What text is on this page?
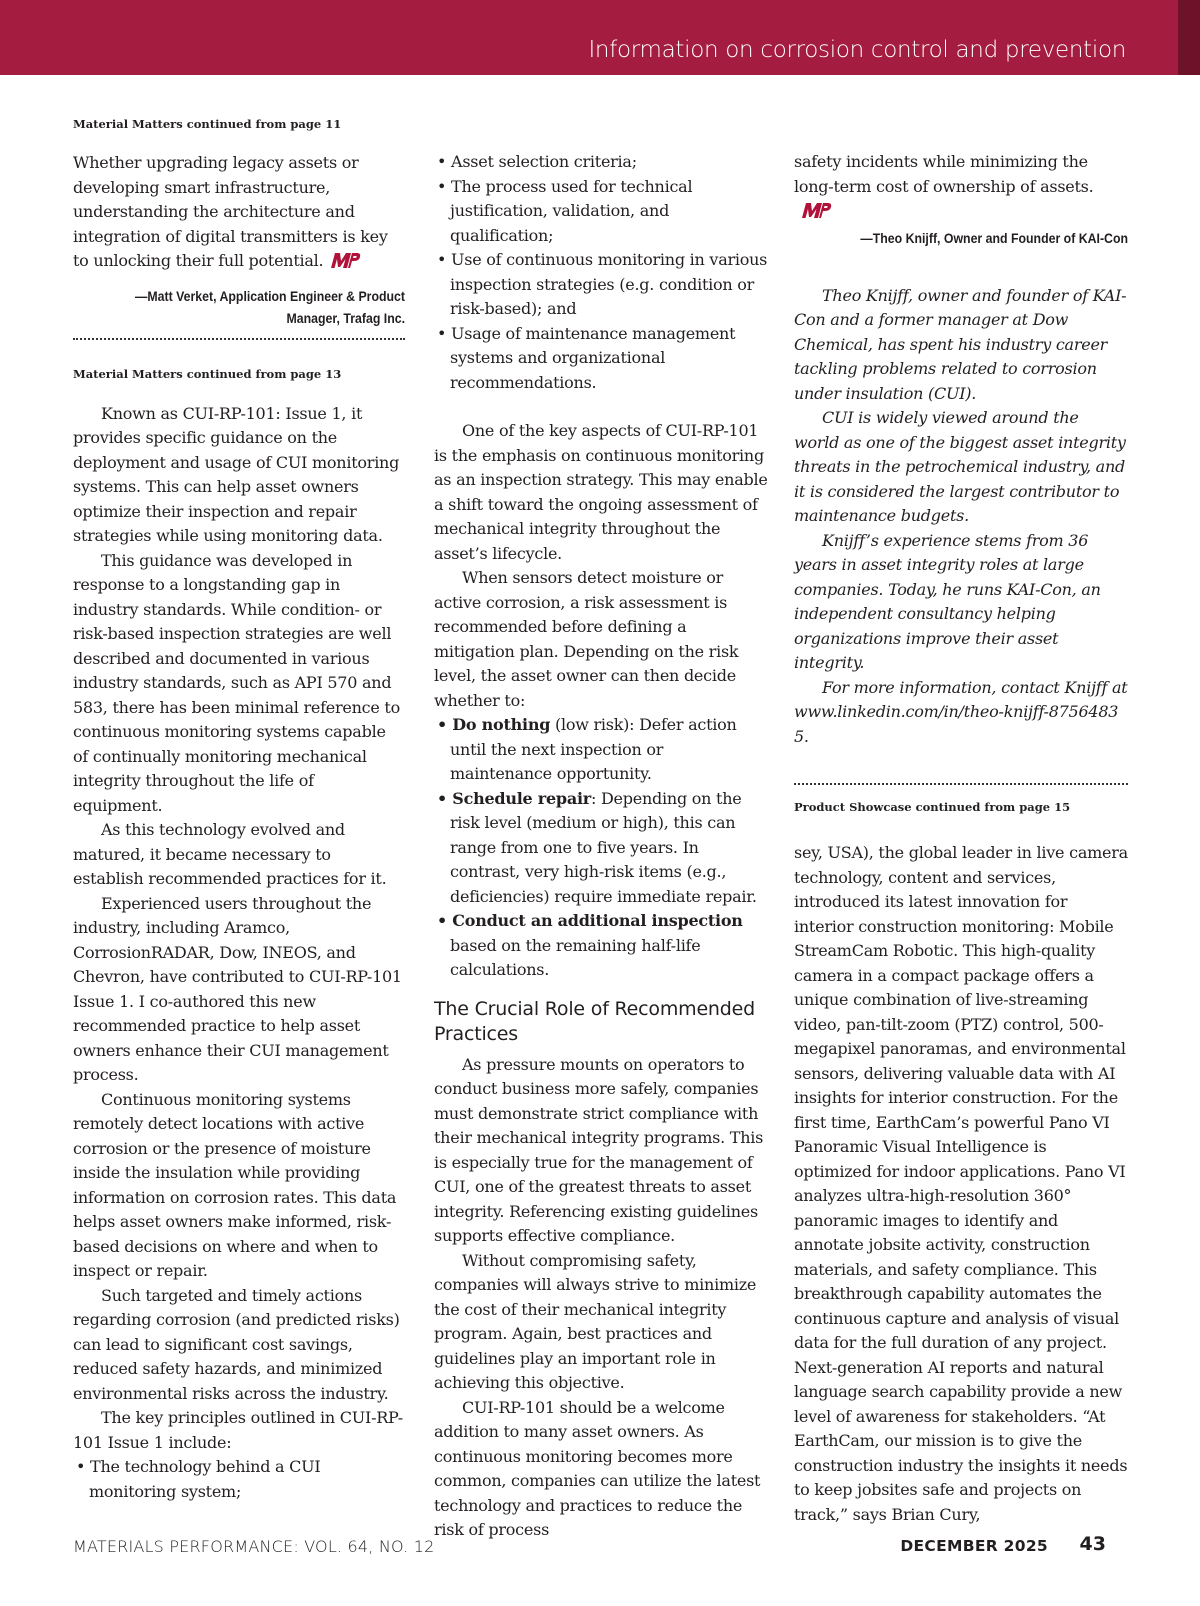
Information on corrosion control and prevention

Material Matters continued from page 11

Whether upgrading legacy assets or developing smart infrastructure, understanding the architecture and integration of digital transmitters is key to unlocking their full potential.

—Matt Verket, Application Engineer & Product Manager, Trafag Inc.

Material Matters continued from page 13

Known as CUI-RP-101: Issue 1, it provides specific guidance on the deployment and usage of CUI monitoring systems. This can help asset owners optimize their inspection and repair strategies while using monitoring data.

This guidance was developed in response to a longstanding gap in industry standards. While condition- or risk-based inspection strategies are well described and documented in various industry standards, such as API 570 and 583, there has been minimal reference to continuous monitoring systems capable of continually monitoring mechanical integrity throughout the life of equipment.

As this technology evolved and matured, it became necessary to establish recommended practices for it.

Experienced users throughout the industry, including Aramco, CorrosionRADAR, Dow, INEOS, and Chevron, have contributed to CUI-RP-101 Issue 1. I co-authored this new recommended practice to help asset owners enhance their CUI management process.

Continuous monitoring systems remotely detect locations with active corrosion or the presence of moisture inside the insulation while providing information on corrosion rates. This data helps asset owners make informed, risk-based decisions on where and when to inspect or repair.

Such targeted and timely actions regarding corrosion (and predicted risks) can lead to significant cost savings, reduced safety hazards, and minimized environmental risks across the industry.

The key principles outlined in CUI-RP-101 Issue 1 include:

• The technology behind a CUI monitoring system;

• Asset selection criteria;

• The process used for technical justification, validation, and qualification;

• Use of continuous monitoring in various inspection strategies (e.g. condition or risk-based); and

• Usage of maintenance management systems and organizational recommendations.

One of the key aspects of CUI-RP-101 is the emphasis on continuous monitoring as an inspection strategy. This may enable a shift toward the ongoing assessment of mechanical integrity throughout the asset’s lifecycle.

When sensors detect moisture or active corrosion, a risk assessment is recommended before defining a mitigation plan. Depending on the risk level, the asset owner can then decide whether to:

• Do nothing (low risk): Defer action until the next inspection or maintenance opportunity.

• Schedule repair: Depending on the risk level (medium or high), this can range from one to five years. In contrast, very high-risk items (e.g., deficiencies) require immediate repair.

• Conduct an additional inspection based on the remaining half-life calculations.

The Crucial Role of Recommended Practices

As pressure mounts on operators to conduct business more safely, companies must demonstrate strict compliance with their mechanical integrity programs. This is especially true for the management of CUI, one of the greatest threats to asset integrity. Referencing existing guidelines supports effective compliance.

Without compromising safety, companies will always strive to minimize the cost of their mechanical integrity program. Again, best practices and guidelines play an important role in achieving this objective.

CUI-RP-101 should be a welcome addition to many asset owners. As continuous monitoring becomes more common, companies can utilize the latest technology and practices to reduce the risk of process

safety incidents while minimizing the long-term cost of ownership of assets.

—Theo Knijff, Owner and Founder of KAI-Con

Theo Knijff, owner and founder of KAI-Con and a former manager at Dow Chemical, has spent his industry career tackling problems related to corrosion under insulation (CUI).

CUI is widely viewed around the world as one of the biggest asset integrity threats in the petrochemical industry, and it is considered the largest contributor to maintenance budgets.

Knijff’s experience stems from 36 years in asset integrity roles at large companies. Today, he runs KAI-Con, an independent consultancy helping organizations improve their asset integrity.

For more information, contact Knijff at www.linkedin.com/in/theo-knijff-87564835.

Product Showcase continued from page 15

sey, USA), the global leader in live camera technology, content and services, introduced its latest innovation for interior construction monitoring: Mobile StreamCam Robotic. This high-quality camera in a compact package offers a unique combination of live-streaming video, pan-tilt-zoom (PTZ) control, 500-megapixel panoramas, and environmental sensors, delivering valuable data with AI insights for interior construction. For the first time, EarthCam’s powerful Pano VI Panoramic Visual Intelligence is optimized for indoor applications. Pano VI analyzes ultra-high-resolution 360° panoramic images to identify and annotate jobsite activity, construction materials, and safety compliance. This breakthrough capability automates the continuous capture and analysis of visual data for the full duration of any project. Next-generation AI reports and natural language search capability provide a new level of awareness for stakeholders. “At EarthCam, our mission is to give the construction industry the insights it needs to keep jobsites safe and projects on track,” says Brian Cury,

MATERIALS PERFORMANCE: VOL. 64, NO. 12	DECEMBER 2025 43
